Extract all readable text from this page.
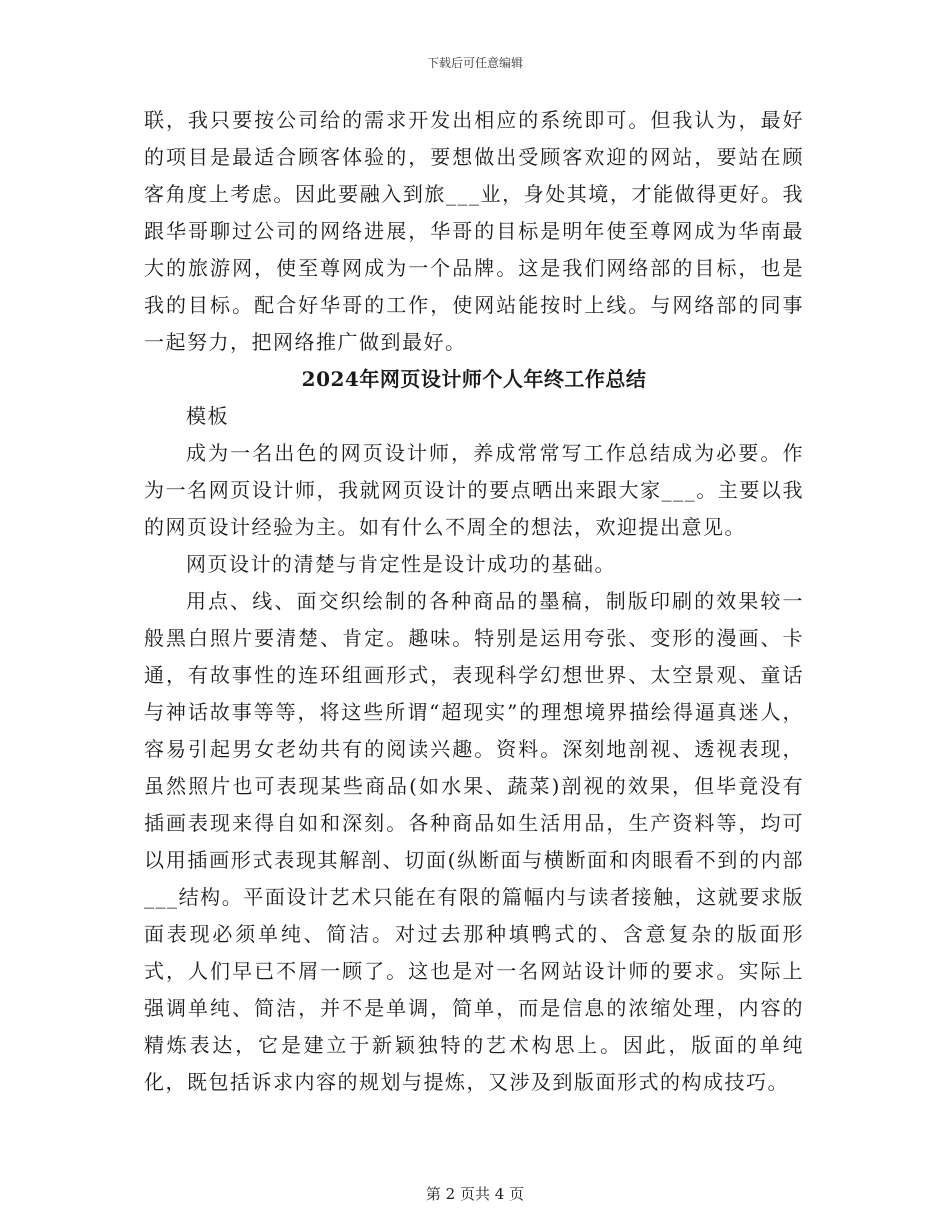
下载后可任意编辑

联，我只要按公司给的需求开发出相应的系统即可。但我认为，最好的项目是最适合顾客体验的，要想做出受顾客欢迎的网站，要站在顾客角度上考虑。因此要融入到旅___业，身处其境，才能做得更好。我跟华哥聊过公司的网络进展，华哥的目标是明年使至尊网成为华南最大的旅游网，使至尊网成为一个品牌。这是我们网络部的目标，也是我的目标。配合好华哥的工作，使网站能按时上线。与网络部的同事一起努力，把网络推广做到最好。

2024年网页设计师个人年终工作总结

模板

成为一名出色的网页设计师，养成常常写工作总结成为必要。作为一名网页设计师，我就网页设计的要点晒出来跟大家___。主要以我的网页设计经验为主。如有什么不周全的想法，欢迎提出意见。

网页设计的清楚与肯定性是设计成功的基础。

用点、线、面交织绘制的各种商品的墨稿，制版印刷的效果较一般黑白照片要清楚、肯定。趣味。特别是运用夸张、变形的漫画、卡通，有故事性的连环组画形式，表现科学幻想世界、太空景观、童话与神话故事等等，将这些所谓“超现实”的理想境界描绘得逼真迷人，容易引起男女老幼共有的阅读兴趣。资料。深刻地剖视、透视表现，虽然照片也可表现某些商品(如水果、蔬菜)剖视的效果，但毕竟没有插画表现来得自如和深刻。各种商品如生活用品，生产资料等，均可以用插画形式表现其解剖、切面(纵断面与横断面和肉眼看不到的内部___结构。平面设计艺术只能在有限的篇幅内与读者接触，这就要求版面表现必须单纯、简洁。对过去那种填鸭式的、含意复杂的版面形式，人们早已不屑一顾了。这也是对一名网站设计师的要求。实际上强调单纯、简洁，并不是单调，简单，而是信息的浓缩处理，内容的精炼表达，它是建立于新颖独特的艺术构思上。因此，版面的单纯化，既包括诉求内容的规划与提炼，又涉及到版面形式的构成技巧。

第 2 页共 4 页
